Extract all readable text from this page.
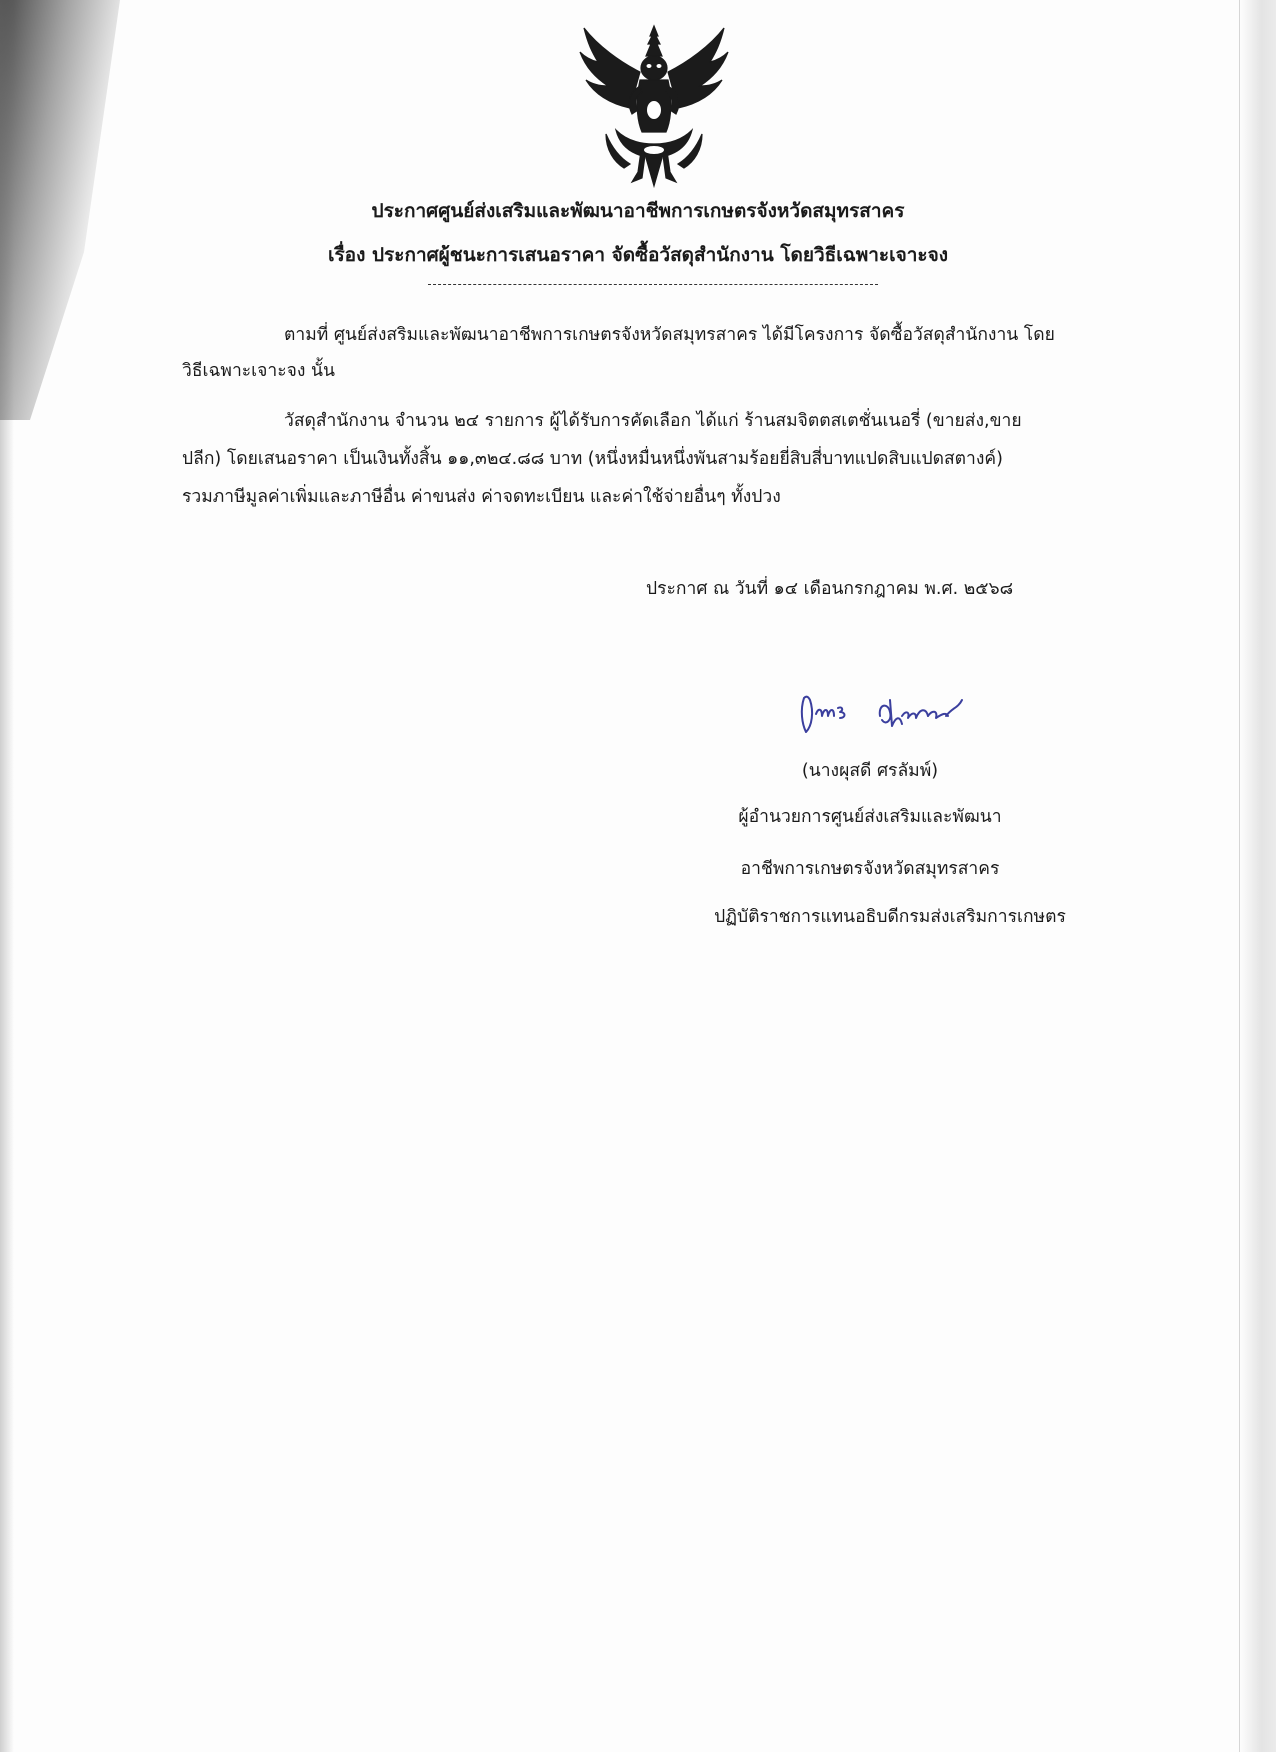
ประกาศศูนย์ส่งเสริมและพัฒนาอาชีพการเกษตรจังหวัดสมุทรสาคร
เรื่อง ประกาศผู้ชนะการเสนอราคา จัดซื้อวัสดุสำนักงาน โดยวิธีเฉพาะเจาะจง
ตามที่ ศูนย์ส่งสริมและพัฒนาอาชีพการเกษตรจังหวัดสมุทรสาคร ได้มีโครงการ จัดซื้อวัสดุสำนักงาน โดย
วิธีเฉพาะเจาะจง นั้น
วัสดุสำนักงาน จำนวน ๒๔ รายการ ผู้ได้รับการคัดเลือก ได้แก่ ร้านสมจิตตสเตชั่นเนอรี่ (ขายส่ง,ขาย
ปลีก) โดยเสนอราคา เป็นเงินทั้งสิ้น ๑๑,๓๒๔.๘๘ บาท (หนึ่งหมื่นหนึ่งพันสามร้อยยี่สิบสี่บาทแปดสิบแปดสตางค์)
รวมภาษีมูลค่าเพิ่มและภาษีอื่น ค่าขนส่ง ค่าจดทะเบียน และค่าใช้จ่ายอื่นๆ ทั้งปวง
ประกาศ ณ วันที่ ๑๔ เดือนกรกฎาคม พ.ศ. ๒๕๖๘
(นางผุสดี ศรลัมพ์)
ผู้อำนวยการศูนย์ส่งเสริมและพัฒนา
อาชีพการเกษตรจังหวัดสมุทรสาคร
ปฏิบัติราชการแทนอธิบดีกรมส่งเสริมการเกษตร
